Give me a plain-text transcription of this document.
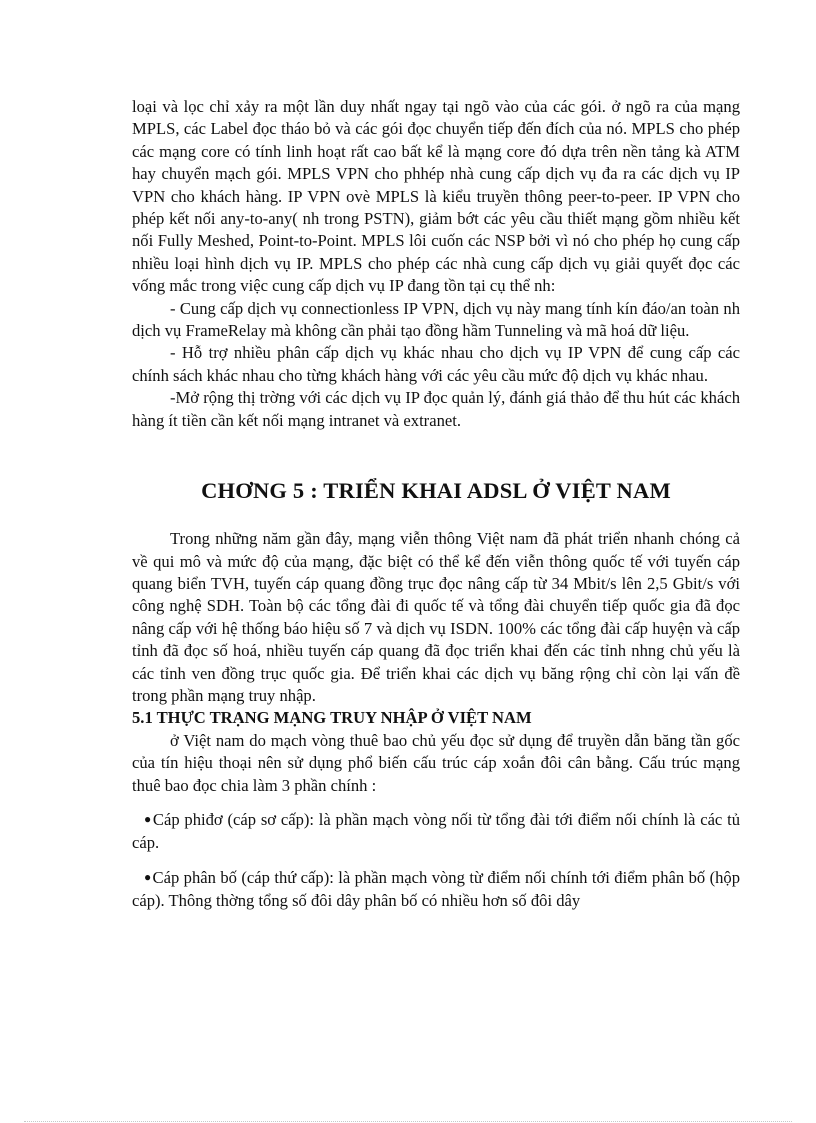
loại và lọc chỉ xảy ra một lần duy nhất ngay tại ngõ vào của các gói. ở ngõ ra của mạng MPLS, các Label đọc tháo bỏ và các gói đọc chuyển tiếp đến đích của nó. MPLS cho phép các mạng core có tính linh hoạt rất cao bất kể là mạng core đó dựa trên nền tảng kà ATM hay chuyển mạch gói. MPLS VPN cho phhép nhà cung cấp dịch vụ đa ra các dịch vụ IP VPN cho khách hàng. IP VPN ovè MPLS là kiểu truyền thông peer-to-peer. IP VPN cho phép kết nối any-to-any( nh trong PSTN), giảm bớt các yêu cầu thiết mạng gồm nhiều kết nối Fully Meshed, Point-to-Point. MPLS lôi cuốn các NSP bởi vì nó cho phép họ cung cấp nhiều loại hình dịch vụ IP. MPLS cho phép các nhà cung cấp dịch vụ giải quyết đọc các vống mắc trong việc cung cấp dịch vụ IP đang tồn tại cụ thể nh:

- Cung cấp dịch vụ connectionless IP VPN, dịch vụ này mang tính kín đáo/an toàn nh dịch vụ FrameRelay mà không cần phải tạo đồng hầm Tunneling và mã hoá dữ liệu.

- Hỗ trợ nhiều phân cấp dịch vụ khác nhau cho dịch vụ IP VPN để cung cấp các chính sách khác nhau cho từng khách hàng với các yêu cầu mức độ dịch vụ khác nhau.

-Mở rộng thị trờng với các dịch vụ IP đọc quản lý, đánh giá thảo để thu hút các khách hàng ít tiền cần kết nối mạng intranet và extranet.

CHƠNG 5 : TRIỂN KHAI ADSL Ở VIỆT NAM

Trong những năm gần đây, mạng viễn thông Việt nam đã phát triển nhanh chóng cả về qui mô và mức độ của mạng, đặc biệt có thể kể đến viễn thông quốc tế với tuyến cáp quang biển TVH, tuyến cáp quang đồng trục đọc nâng cấp từ 34 Mbit/s lên 2,5 Gbit/s với công nghệ SDH. Toàn bộ các tổng đài đi quốc tế và tổng đài chuyển tiếp quốc gia đã đọc nâng cấp với hệ thống báo hiệu số 7 và dịch vụ ISDN. 100% các tổng đài cấp huyện và cấp tỉnh đã đọc số hoá, nhiều tuyến cáp quang đã đọc triển khai đến các tỉnh nhng chủ yếu là các tỉnh ven đồng trục quốc gia. Để triển khai các dịch vụ băng rộng chỉ còn lại vấn đề trong phần mạng truy nhập.

5.1 THỰC TRẠNG MẠNG TRUY NHẬP Ở VIỆT NAM

ở Việt nam do mạch vòng thuê bao chủ yếu đọc sử dụng để truyền dẫn băng tần gốc của tín hiệu thoại nên sử dụng phổ biến cấu trúc cáp xoắn đôi cân bằng. Cấu trúc mạng thuê bao đọc chia làm 3 phần chính :

●Cáp phiđơ (cáp sơ cấp): là phần mạch vòng nối từ tổng đài tới điểm nối chính là các tủ cáp.

●Cáp phân bố (cáp thứ cấp): là phần mạch vòng từ điểm nối chính tới điểm phân bố (hộp cáp). Thông thờng tổng số đôi dây phân bố có nhiều hơn số đôi dây
